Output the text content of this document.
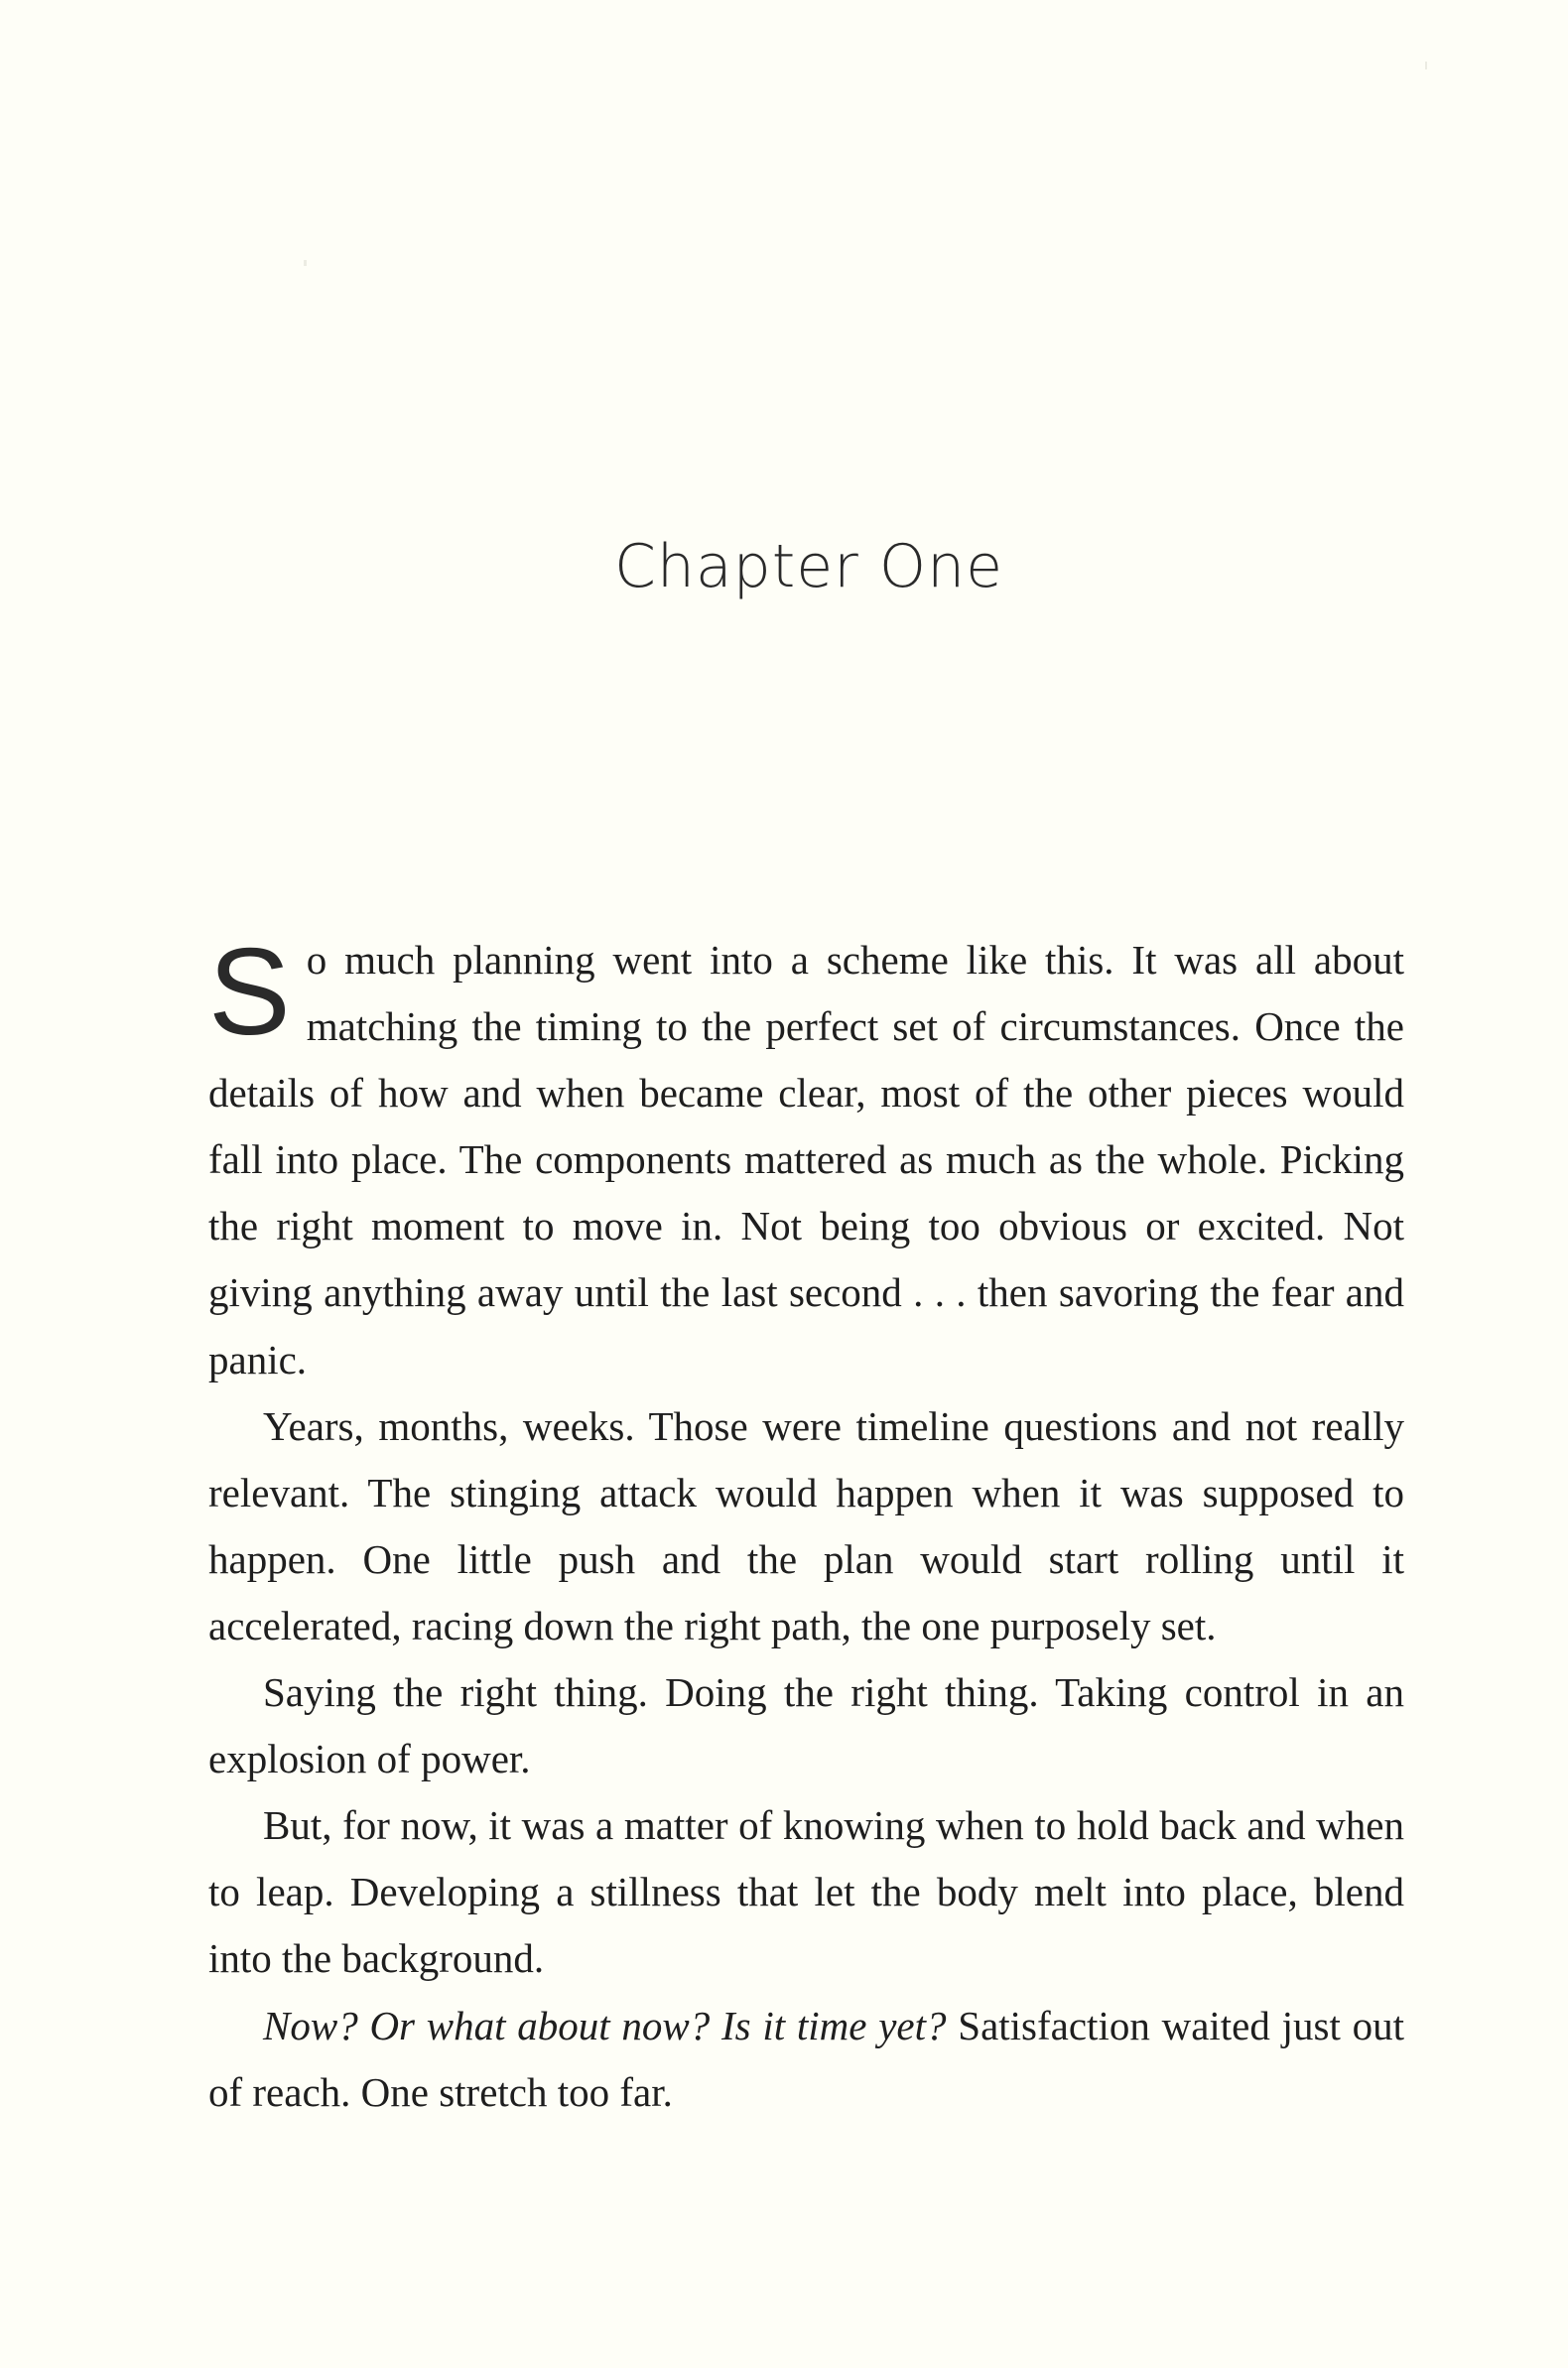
Chapter One

So much planning went into a scheme like this. It was all about matching the timing to the perfect set of circumstances. Once the details of how and when became clear, most of the other pieces would fall into place. The components mattered as much as the whole. Picking the right moment to move in. Not being too obvious or excited. Not giving anything away until the last second . . . then savoring the fear and panic.

Years, months, weeks. Those were timeline questions and not really relevant. The stinging attack would happen when it was supposed to happen. One little push and the plan would start rolling until it accelerated, racing down the right path, the one purposely set.

Saying the right thing. Doing the right thing. Taking control in an explosion of power.

But, for now, it was a matter of knowing when to hold back and when to leap. Developing a stillness that let the body melt into place, blend into the background.

Now? Or what about now? Is it time yet? Satisfaction waited just out of reach. One stretch too far.
